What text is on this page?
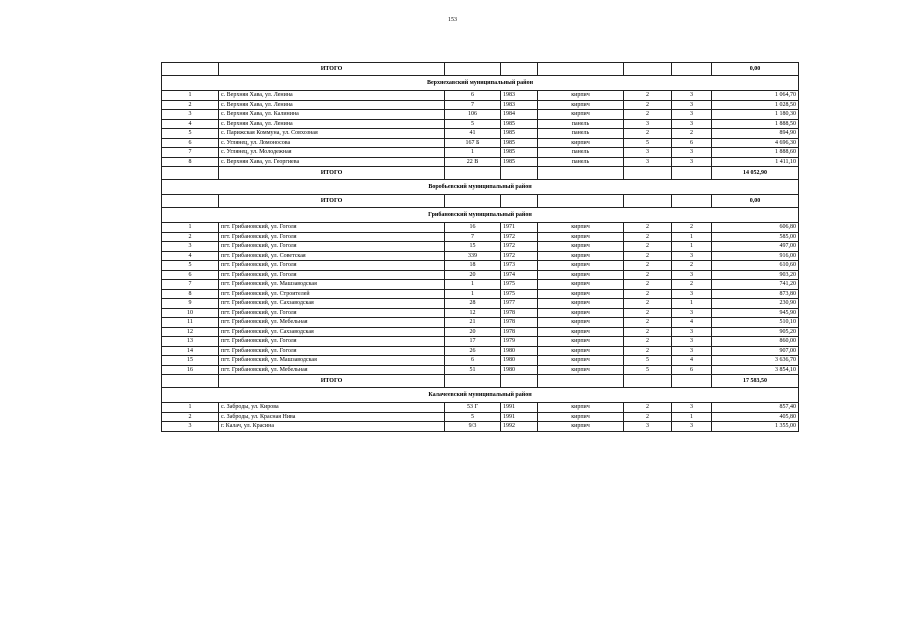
153
	ИТОГО						0,00
Верхнехавский муниципальный район							
1	с. Верхняя Хава, ул. Ленина	6	1983	кирпич	2	3	1 064,70
2	с. Верхняя Хава, ул. Ленина	7	1983	кирпич	2	3	1 028,50
3	с. Верхняя Хава, ул. Калинина	106	1984	кирпич	2	3	1 180,30
4	с. Верхняя Хава, ул. Ленина	5	1985	панель	3	3	1 888,50
5	с. Парижская Коммуна, ул. Совхозная	41	1985	панель	2	2	894,90
6	с. Углянец, ул. Ломоносова	167 Б	1985	кирпич	5	6	4 696,30
7	с. Углянец, ул. Молодежная	1	1985	панель	3	3	1 888,60
8	с. Верхняя Хава, ул. Георгиева	22 В	1985	панель	3	3	1 411,10
	ИТОГО						14 052,90
Воробьевский муниципальный район							
	ИТОГО						0,00
Грибановский муниципальный район							
1	пгт. Грибановский, ул. Гоголя	16	1971	кирпич	2	2	606,80
2	пгт. Грибановский, ул. Гоголя	7	1972	кирпич	2	1	585,00
3	пгт. Грибановский, ул. Гоголя	15	1972	кирпич	2	1	497,00
4	пгт. Грибановский, ул. Советская	339	1972	кирпич	2	3	916,00
5	пгт. Грибановский, ул. Гоголя	18	1973	кирпич	2	2	610,60
6	пгт. Грибановский, ул. Гоголя	20	1974	кирпич	2	3	903,20
7	пгт. Грибановский, ул. Машзаводская	1	1975	кирпич	2	2	741,20
8	пгт. Грибановский, ул. Строителей	1	1975	кирпич	2	3	873,80
9	пгт. Грибановский, ул. Сахзаводская	28	1977	кирпич	2	1	230,90
10	пгт. Грибановский, ул. Гоголя	12	1978	кирпич	2	3	945,90
11	пгт. Грибановский, ул. Мебельная	21	1978	кирпич	2	4	510,10
12	пгт. Грибановский, ул. Сахзаводская	20	1978	кирпич	2	3	905,20
13	пгт. Грибановский, ул. Гоголя	17	1979	кирпич	2	3	860,00
14	пгт. Грибановский, ул. Гоголя	26	1980	кирпич	2	3	907,00
15	пгт. Грибановский, ул. Машзаводская	6	1980	кирпич	5	4	3 636,70
16	пгт. Грибановский, ул. Мебельная	51	1980	кирпич	5	6	3 854,10
	ИТОГО						17 583,50
Калачеевский муниципальный район							
1	с. Заброды, ул. Кирова	53 Г	1991	кирпич	2	3	857,40
2	с. Заброды, ул. Красная Нива	5	1991	кирпич	2	1	405,80
3	г. Калач, ул. Красина	9/3	1992	кирпич	3	3	1 355,00
